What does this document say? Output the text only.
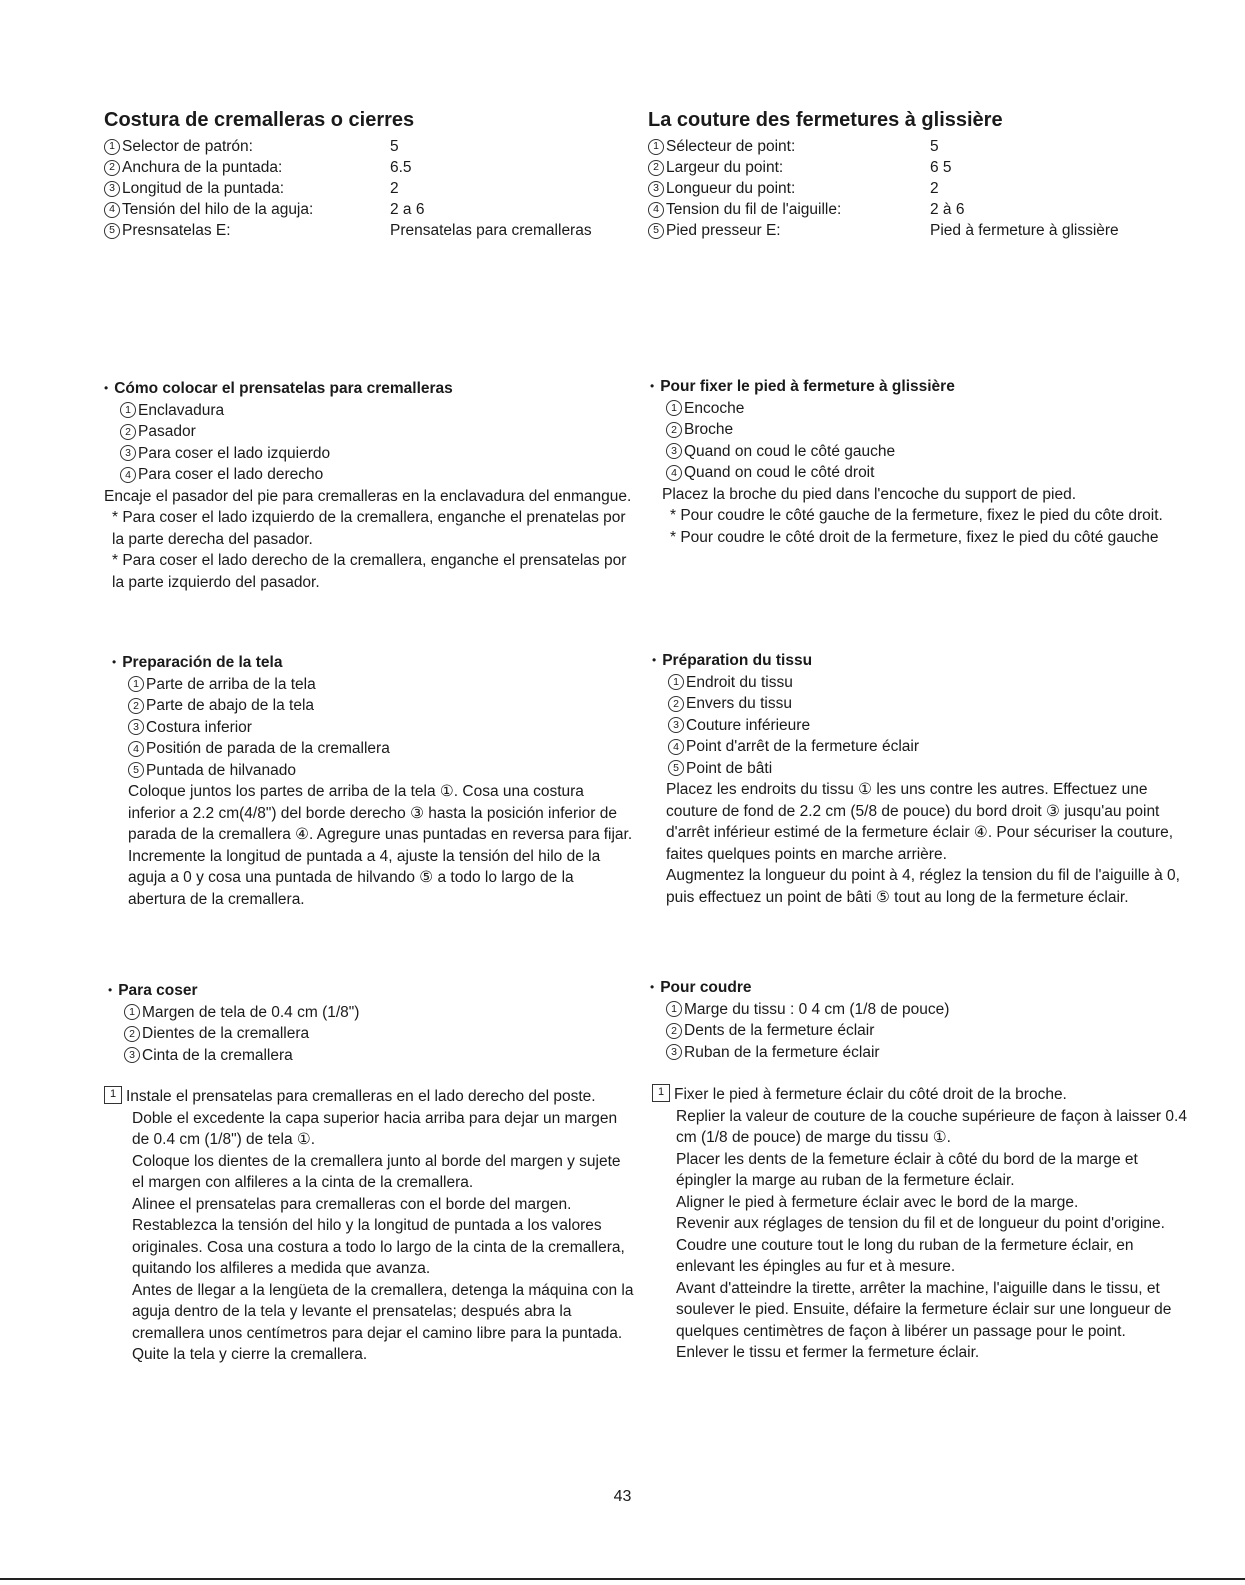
Costura de cremalleras o cierres
1 Selector de patrón:	5
2 Anchura de la puntada:	6.5
3 Longitud de la puntada:	2
4 Tensión del hilo de la aguja:	2 a 6
5 Presnsatelas E:	Prensatelas para cremalleras
• Cómo colocar el prensatelas para cremalleras
1 Enclavadura
2 Pasador
3 Para coser el lado izquierdo
4 Para coser el lado derecho
Encaje el pasador del pie para cremalleras en la enclavadura del enmangue.
* Para coser el lado izquierdo de la cremallera, enganche el prenatelas por la parte derecha del pasador.
* Para coser el lado derecho de la cremallera, enganche el prensatelas por la parte izquierdo del pasador.
• Preparación de la tela
1 Parte de arriba de la tela
2 Parte de abajo de la tela
3 Costura inferior
4 Positión de parada de la cremallera
5 Puntada de hilvanado
Coloque juntos los partes de arriba de la tela ①. Cosa una costura inferior a 2.2 cm(4/8") del borde derecho ③ hasta la posición inferior de parada de la cremallera ④. Agregure unas puntadas en reversa para fijar.
Incremente la longitud de puntada a 4, ajuste la tensión del hilo de la aguja a 0 y cosa una puntada de hilvando ⑤ a todo lo largo de la abertura de la cremallera.
• Para coser
1 Margen de tela de 0.4 cm (1/8")
2 Dientes de la cremallera
3 Cinta de la cremallera
1 Instale el prensatelas para cremalleras en el lado derecho del poste.
Doble el excedente la capa superior hacia arriba para dejar un margen de 0.4 cm (1/8") de tela ①.
Coloque los dientes de la cremallera junto al borde del margen y sujete el margen con alfileres a la cinta de la cremallera.
Alinee el prensatelas para cremalleras con el borde del margen. Restablezca la tensión del hilo y la longitud de puntada a los valores originales. Cosa una costura a todo lo largo de la cinta de la cremallera, quitando los alfileres a medida que avanza.
Antes de llegar a la lengüeta de la cremallera, detenga la máquina con la aguja dentro de la tela y levante el prensatelas; después abra la cremallera unos centímetros para dejar el camino libre para la puntada.
Quite la tela y cierre la cremallera.
La couture des fermetures à glissière
1 Sélecteur de point:	5
2 Largeur du point:	6 5
3 Longueur du point:	2
4 Tension du fil de l'aiguille:	2 à 6
5 Pied presseur E:	Pied à fermeture à glissière
• Pour fixer le pied à fermeture à glissière
1 Encoche
2 Broche
3 Quand on coud le côté gauche
4 Quand on coud le côté droit
Placez la broche du pied dans l'encoche du support de pied.
* Pour coudre le côté gauche de la fermeture, fixez le pied du côte droit.
* Pour coudre le côté droit de la fermeture, fixez le pied du côté gauche
• Préparation du tissu
1 Endroit du tissu
2 Envers du tissu
3 Couture inférieure
4 Point d'arrêt de la fermeture éclair
5 Point de bâti
Placez les endroits du tissu ① les uns contre les autres. Effectuez une couture de fond de 2.2 cm (5/8 de pouce) du bord droit ③ jusqu'au point d'arrêt inférieur estimé de la fermeture éclair ④. Pour sécuriser la couture, faites quelques points en marche arrière.
Augmentez la longueur du point à 4, réglez la tension du fil de l'aiguille à 0, puis effectuez un point de bâti ⑤ tout au long de la fermeture éclair.
• Pour coudre
1 Marge du tissu : 0 4 cm (1/8 de pouce)
2 Dents de la fermeture éclair
3 Ruban de la fermeture éclair
1 Fixer le pied à fermeture éclair du côté droit de la broche.
Replier la valeur de couture de la couche supérieure de façon à laisser 0.4 cm (1/8 de pouce) de marge du tissu ①.
Placer les dents de la femeture éclair à côté du bord de la marge et épingler la marge au ruban de la fermeture éclair.
Aligner le pied à fermeture éclair avec le bord de la marge.
Revenir aux réglages de tension du fil et de longueur du point d'origine. Coudre une couture tout le long du ruban de la fermeture éclair, en enlevant les épingles au fur et à mesure.
Avant d'atteindre la tirette, arrêter la machine, l'aiguille dans le tissu, et soulever le pied. Ensuite, défaire la fermeture éclair sur une longueur de quelques centimètres de façon à libérer un passage pour le point.
Enlever le tissu et fermer la fermeture éclair.
43
